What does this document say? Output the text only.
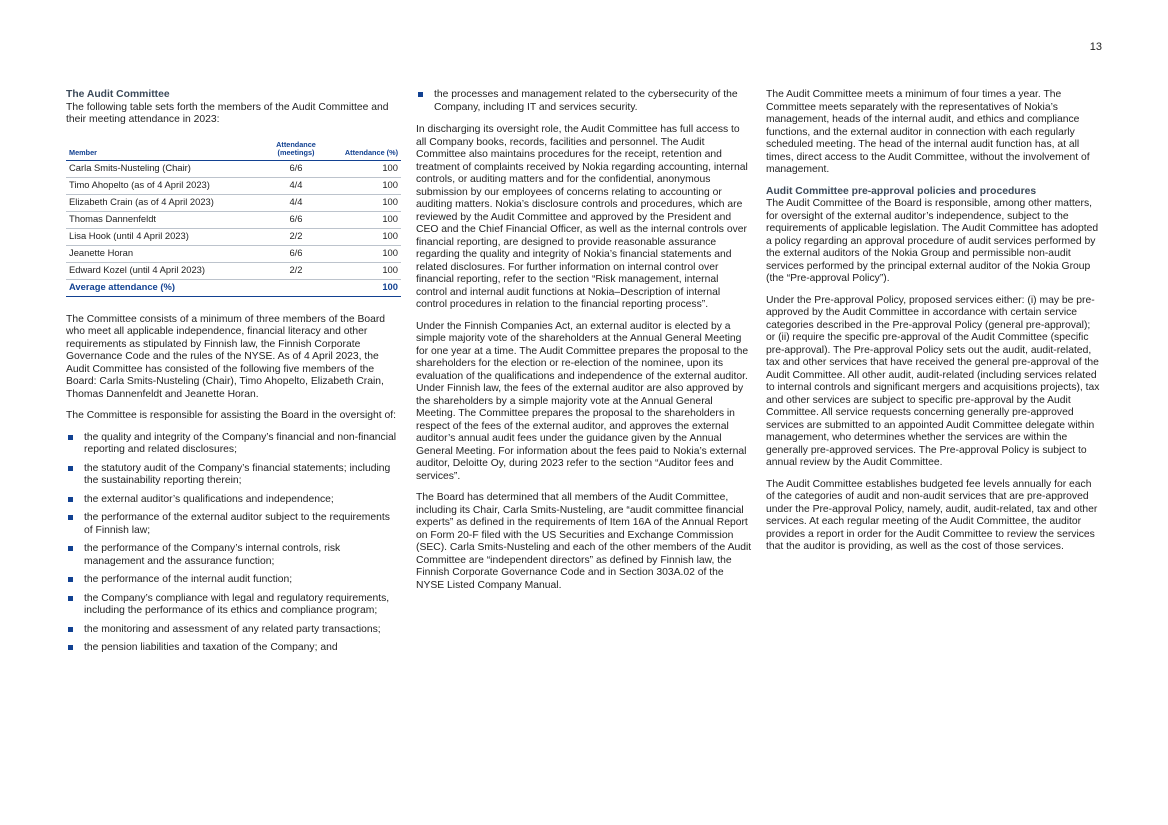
13
The Audit Committee

The following table sets forth the members of the Audit Committee and their meeting attendance in 2023:

Member	Attendance (meetings)	Attendance (%)
Carla Smits-Nusteling (Chair)	6/6	100
Timo Ahopelto (as of 4 April 2023)	4/4	100
Elizabeth Crain (as of 4 April 2023)	4/4	100
Thomas Dannenfeldt	6/6	100
Lisa Hook (until 4 April 2023)	2/2	100
Jeanette Horan	6/6	100
Edward Kozel (until 4 April 2023)	2/2	100
Average attendance (%)		100

The Committee consists of a minimum of three members of the Board who meet all applicable independence, financial literacy and other requirements as stipulated by Finnish law, the Finnish Corporate Governance Code and the rules of the NYSE. As of 4 April 2023, the Audit Committee has consisted of the following five members of the Board: Carla Smits-Nusteling (Chair), Timo Ahopelto, Elizabeth Crain, Thomas Dannenfeldt and Jeanette Horan.

The Committee is responsible for assisting the Board in the oversight of:

the quality and integrity of the Company’s financial and non-financial reporting and related disclosures;
the statutory audit of the Company’s financial statements; including the sustainability reporting therein;
the external auditor’s qualifications and independence;
the performance of the external auditor subject to the requirements of Finnish law;
the performance of the Company’s internal controls, risk management and the assurance function;
the performance of the internal audit function;
the Company’s compliance with legal and regulatory requirements, including the performance of its ethics and compliance program;
the monitoring and assessment of any related party transactions;
the pension liabilities and taxation of the Company; and
the processes and management related to the cybersecurity of the Company, including IT and services security.

In discharging its oversight role, the Audit Committee has full access to all Company books, records, facilities and personnel. The Audit Committee also maintains procedures for the receipt, retention and treatment of complaints received by Nokia regarding accounting, internal controls, or auditing matters and for the confidential, anonymous submission by our employees of concerns relating to accounting or auditing matters. Nokia’s disclosure controls and procedures, which are reviewed by the Audit Committee and approved by the President and CEO and the Chief Financial Officer, as well as the internal controls over financial reporting, are designed to provide reasonable assurance regarding the quality and integrity of Nokia’s financial statements and related disclosures. For further information on internal control over financial reporting, refer to the section “Risk management, internal control and internal audit functions at Nokia–Description of internal control procedures in relation to the financial reporting process”.

Under the Finnish Companies Act, an external auditor is elected by a simple majority vote of the shareholders at the Annual General Meeting for one year at a time. The Audit Committee prepares the proposal to the shareholders for the election or re-election of the nominee, upon its evaluation of the qualifications and independence of the external auditor. Under Finnish law, the fees of the external auditor are also approved by the shareholders by a simple majority vote at the Annual General Meeting. The Committee prepares the proposal to the shareholders in respect of the fees of the external auditor, and approves the external auditor’s annual audit fees under the guidance given by the Annual General Meeting. For information about the fees paid to Nokia’s external auditor, Deloitte Oy, during 2023 refer to the section “Auditor fees and services”.

The Board has determined that all members of the Audit Committee, including its Chair, Carla Smits-Nusteling, are “audit committee financial experts” as defined in the requirements of Item 16A of the Annual Report on Form 20-F filed with the US Securities and Exchange Commission (SEC). Carla Smits-Nusteling and each of the other members of the Audit Committee are “independent directors” as defined by Finnish law, the Finnish Corporate Governance Code and in Section 303A.02 of the NYSE Listed Company Manual.

The Audit Committee meets a minimum of four times a year. The Committee meets separately with the representatives of Nokia’s management, heads of the internal audit, and ethics and compliance functions, and the external auditor in connection with each regularly scheduled meeting. The head of the internal audit function has, at all times, direct access to the Audit Committee, without the involvement of management.

Audit Committee pre-approval policies and procedures

The Audit Committee of the Board is responsible, among other matters, for oversight of the external auditor’s independence, subject to the requirements of applicable legislation. The Audit Committee has adopted a policy regarding an approval procedure of audit services performed by the external auditors of the Nokia Group and permissible non-audit services performed by the principal external auditor of the Nokia Group (the “Pre-approval Policy”).

Under the Pre-approval Policy, proposed services either: (i) may be pre-approved by the Audit Committee in accordance with certain service categories described in the Pre-approval Policy (general pre-approval); or (ii) require the specific pre-approval of the Audit Committee (specific pre-approval). The Pre-approval Policy sets out the audit, audit-related, tax and other services that have received the general pre-approval of the Audit Committee. All other audit, audit-related (including services related to internal controls and significant mergers and acquisitions projects), tax and other services are subject to specific pre-approval by the Audit Committee. All service requests concerning generally pre-approved services are submitted to an appointed Audit Committee delegate within management, who determines whether the services are within the generally pre-approved services. The Pre-approval Policy is subject to annual review by the Audit Committee.

The Audit Committee establishes budgeted fee levels annually for each of the categories of audit and non-audit services that are pre-approved under the Pre-approval Policy, namely, audit, audit-related, tax and other services. At each regular meeting of the Audit Committee, the auditor provides a report in order for the Audit Committee to review the services that the auditor is providing, as well as the cost of those services.
